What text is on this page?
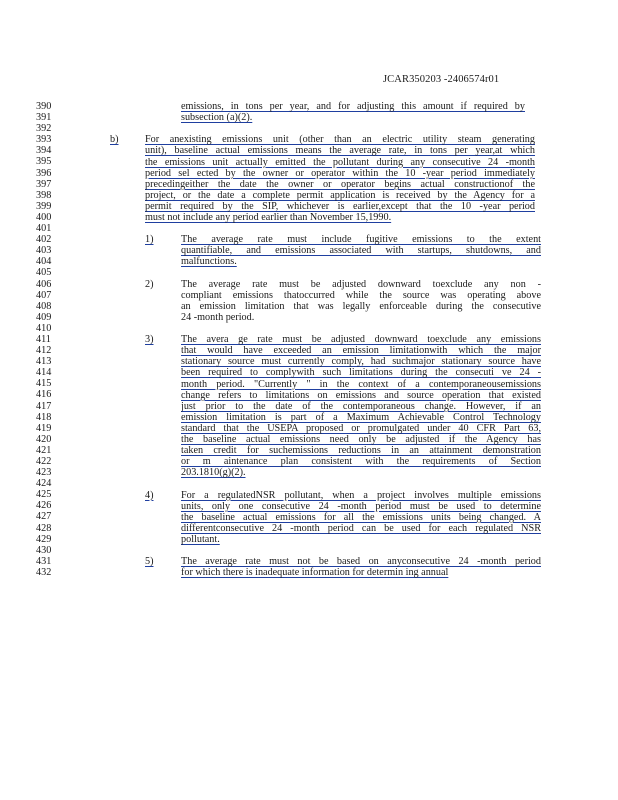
JCAR350203 -2406574r01
390
391
392
393
394
395
396
397
398
399
400
401
402
403
404
405
406
407
408
409
410
411
412
413
414
415
416
417
418
419
420
421
422
423
424
425
426
427
428
429
430
431
432
emissions, in tons per year, and for adjusting this amount if required by
subsection (a)(2).
b)	For anexisting emissions unit (other than an electric utility steam generating
unit), baseline actual emissions means the average rate, in tons per year,at which
the emissions unit actually emitted the pollutant during any consecutive 24 -month
period sel ected by the owner or operator within the 10 -year period immediately
precedingeither the date the owner or operator begins actual constructionof the
project, or the date a complete permit application is received by the Agency for a
permit required by the SIP, whichever is earlier,except that the 10 -year period
must not include any period earlier than November 15,1990.
1)	The average rate must include fugitive emissions to the extent
quantifiable, and emissions associated with startups, shutdowns, and
malfunctions.
2)	The average rate must be adjusted downward toexclude any non -
compliant emissions thatoccurred while the source was operating above
an emission limitation that was legally enforceable during the consecutive
24 -month period.
3)	The avera ge rate must be adjusted downward toexclude any emissions
that would have exceeded an emission limitationwith which the major
stationary source must currently comply, had suchmajor stationary source have
been required to complywith such limitations during the consecuti ve 24 -
month period. "Currently " in the context of a contemporaneousemissions
change refers to limitations on emissions and source operation that existed
just prior to the date of the contemporaneous change. However, if an
emission limitation is part of a Maximum Achievable Control Technology
standard that the USEPA proposed or promulgated under 40 CFR Part 63,
the baseline actual emissions need only be adjusted if the Agency has
taken credit for suchemissions reductions in an attainment demonstration
or m aintenance plan consistent with the requirements of Section
203.1810(g)(2).
4)	For a regulatedNSR pollutant, when a project involves multiple emissions
units, only one consecutive 24 -month period must be used to determine
the baseline actual emissions for all the emissions units being changed. A
differentconsecutive 24 -month period can be used for each regulated NSR
pollutant.
5)	The average rate must not be based on anyconsecutive 24 -month period
for which there is inadequate information for determin ing annual
